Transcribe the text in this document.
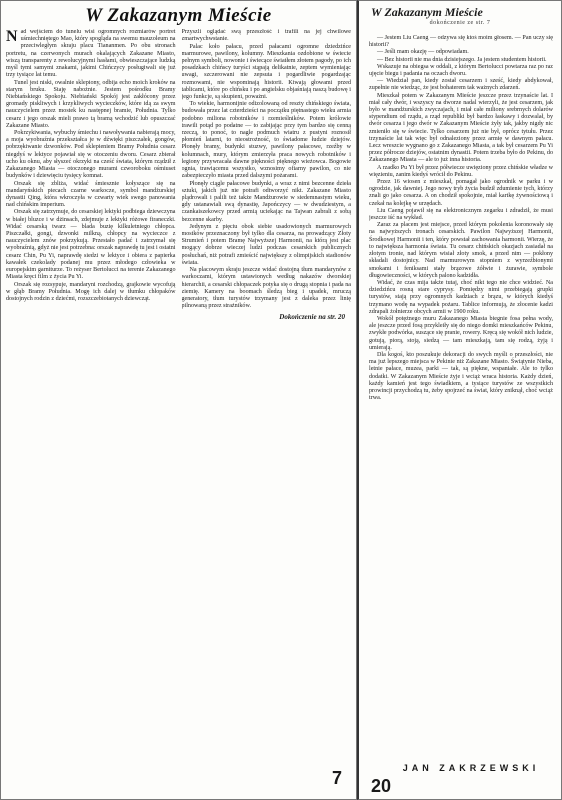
W Zakazanym Mieście

Nad wejściem do tunelu wisi ogromnych rozmiarów portret uśmiechniętego Mao, który spogląda na swemu mauzoleum na przeciwległym skraju placu Tiananmen. Po obu stronach portretu, na czerwonych murach okalających Zakazane Miasto, wiszą transparenty z rewolucyjnymi hasłami, obwieszczające ludzką myśl tymi samymi znakami, jakimi Chińczycy posługiwali się już trzy tysiące lat temu.

Tunel jest niski, owalnie sklepiony, odbija echo moich kroków na starym bruku. Staję nabożnie. Jestem pośrodku Bramy Niebiańskiego Spokoju. Niebiański Spokój jest zakłócony przez gromady piskliwych i krzykliwych wycieczków, które idą za swym nauczycielem przez mostek ku następnej bramie, Południa. Tylko cesarz i jego orszak mieli prawo tą bramą wchodzić lub opuszczać Zakazane Miasto.

Pokrzykiwania, wybuchy śmiechu i nawoływania nabierają mocy, a moja wyobraźnia przekształca je w dźwięki piszczałek, gongów, pobrzękiwanie dzwonków. Pod sklepieniem Bramy Południa cesarz niegdyś w lektyce pojawiał się w otoczeniu dworu. Cesarz zbierał ucho ku oknu, aby słyszeć okrzyki na cześć świata, którym rządził z Zakazanego Miasta — otoczonego murami czworoboku ośmiuset budynków i dziewięciu tysięcy komnat.

Orszak się zbliża, widać śmiesznie kołyszące się na mandaryńskich piecach czarne warkocze, symbol mandżurskiej dynastii Qing, która wkroczyła w czwarty wiek swego panowania nad chińskim imperium.

Orszak się zatrzymuje, do cesarskiej lektyki podbiega dziewczyna w białej bluzce i w dżinsach, zdejmuje z lektyki różowe firaneczki. Widać cesarską twarz — blada buzię kilkuletniego chłopca. Piszczałki, gongi, dzwonki milkną, chłopcy na wycieczce z nauczycielem znów pokrzykują. Przestało padać i zatrzymał się wyobraźnią, gdyż nie jest potrzebna: orszak naprawdę tu jest i ostatni cesarz Chin, Pu Yi, naprawdę siedzi w lektyce i obiera z papierka kawałek czekolady podanej mu przez młodego człowieka w europejskim garniturze. To reżyser Bertolucci na terenie Zakazanego Miasta kręci film z życia Pu Yi.

Orszak się rozsypuje, mandaryni rozchodzą, grajkowie wycofują w głąb Bramy Południa. Mogę ich dalej w tłumku chłopaków dostojnych rodzin z dziećmi, rozszczebiotanych dziewcząt.

Przyszli oglądać swą przeszłość i trafili na jej chwilowe zmartwychwstanie.

Palac koło pałacu, przed pałacami ogromne dziedzińce marmurowe, pawilony, kolumny. Mieszkania ozdobione w świecie pełnym symboli, nowonie i świecące światłem złotem pagody, po ich posadzkach chińscy turyści stąpają delikatnie, zeptem wymieniając uwagi, szczerowani nie zepsuta i pogardliwie pogardzając rozmowami, nie wspominają historii. Kiwają głowami przed tablicami, które po chińsku i po angielsku objaśniają naszą budowę i jego funkcje, są skupieni, poważni.

To wiekie, harmonijnie odizolowaną od reszty chińskiego świata, budowała przez lat czterdzieści na początku piętnastego wieku armia podobno miliona robotników i rzemieślników. Potem królowie trawili potąd po podatne — to zabijając przy tym bardzo się cenną rzeczą, to ponoć, to nagle podmuch wiatru z pustyni roznosił płomień latarni, to nieostrożność, to świadome łudzie dziejów. Płonęły bramy, budynki stuzwy, pawilony pałacowe, rzeźby w kolumnach, mury, którym zmierzyła praca nowych robotników i legiony przywracała dawne piękności pięknego wieżowca. Bogowie ognia, trawiącemu wszystko, wznosimy ofiarny pawilon, co nie zabezpieczyło miasta przed dalszymi pożarami.

Płonęły ciągle pałacowe budynki, a wraz z nimi bezcenne dzieła sztuki, jakich już nie potrafi odtworzyć nikt. Zakazane Miasto plądrowali i palili też także Mandżurowie w siedemnastym wieku, gdy ustanawiali swą dynastię, Japończycy — w dwudziestym, a czankaiszekowcy przed armią uciekając na Tajwan zabrali z sobą bezcenne skarby.

Jedynym z pięciu obok siebie usadowionych marmurowych mostków przeznaczony był tylko dla cesarza, na prowadzący Złoty Strumień i potem Bramę Najwyższej Harmonii, na którą jest plac mogący dobrze wieczej ludzi podczas cesarskich publicznych posłuchań, niż potrafi zmieścić największy z olimpijskich stadionów świata.

Na placowym skraju jeszcze widać dostojną tłum mandarynów z warkoczami, którym ustawionych według nakazów dworskiej hierarchii, a cesarski chłopaczek potyka się o drugą stopnia i pada na ziemię. Kamery na boomach śledzą bieg i upadek, mruczą generatory, tłum turystów trzymany jest z daleka przez linię pilnowaną przez strażników.

Dokończenie na str. 20
7
W Zakazanym Mieście
dokończenie ze str. 7

— Jestem Liu Caeng — odzywa się ktoś moim głosem. — Pan uczy się historii?

— Jeśli mam okazję — odpowiadam.

— Bez historii nie ma dnia dzisiejszego. Ja jestem studentem historii.

Wskazuje na obiegsa w oddali, z którym Bertolucci powtarza raz po raz ujęcie biegu i padania na oczach dworu.

— Wiedział pan, kiedy został cesarzem i sześć, kiedy abdykował, zupełnie nie wiedząc, że jest bohaterem tak ważnych zdarzeń.

Mieszkał potem w Zakazanym Mieście jeszcze przez trzynaście lat. I miał cały dwór, i wszyscy na dworze nadal wierzyli, że jest cesarzem, jak było w mandżurskich zwyczajach, i miał całe miliony srebrnych dolarów stypendium od rządu, a rząd republiki był bardzo łaskawy i dozwalał, by dwór cesarza i jego dwór w Zakazanym Mieście żyły tak, jakby nigdy nic zmieniło się w świecie. Tylko cesarzem już nie był, oprócz tytułu. Przez trzynaście lat tak więc był odnaleziony przez armię w dawnym pałacu. Lecz wreszcie wygnano go z Zakazanego Miasta, a tak był cesarzem Pu Yi przez półrocze dziejów, ostatnim dynastii. Potem trzeba było do Pekinu, do Zakazanego Miasta — ale to już inna historia.

A rzadko Pu Yi był przez półwiecze uwięziony przez chińskie władze w więzieniu, zanim kiedyś wrócił do Pekinu.

Przez 16 wiosen z mieszkał, pomagał jako ogrodnik w parku i w ogrodzie, jak dawniej. Jego nowy tryb życia budził zdumienie tych, którzy znali go jako cesarza. A on chodził spokojnie, miał kartkę żywnościową i czekał na kolejkę w urzędach.

Liu Caeng pojawił się na elektronicznym zegarku i zdradził, że musi jeszcze iść na wykład.

Zaraz za placem jest miejsce, przed którym pokolenia koronowały się na najwyższych tronach cesarskich. Pawilon Najwyższej Harmonii, Środkowej Harmonii i ten, który powstał zachowania harmonii. Wierzę, że to największa harmonia świata. Tu cesarz chińskich okazjach zasiadał na złotym tronie, nad którym wisiał złoty smok, a przed nim — pokłony składali dostojnicy. Nad marmurowym stopniem z wyrzeźbionymi smokami i feniksami stały brązowe żółwie i żurawie, symbole długowieczności, w których palono kadzidła.

Widać, że czas mija także tutaj, choć nikt tego nie chce widzieć. Na dziedzińcu rosną stare cyprysy. Pomiędzy nimi przebiegają grupki turystów, stają przy ogromnych kadziach z brązu, w których kiedyś trzymano wodę na wypadek pożaru. Tablice informują, że złocenie kadzi zdrapali żołnierze obcych armii w 1900 roku.

Wokół potężnego muru Zakazanego Miasta biegnie fosa pełna wody, ale jeszcze przed fosą przykleiły się do niego domki mieszkańców Pekinu, zwykłe podwórka, suszące się pranie, rowery. Kręcą się wokół nich ludzie, gotują, piorą, stoją, siedzą — tam mieszkają, tam się rodzą, żyją i umierają.

Dla kogoś, kto poszukuje dekoracji do swych myśli o przeszłości, nie ma już lepszego miejsca w Pekinie niż Zakazane Miasto. Świątynie Nieba, letnie pałace, muzea, parki — tak, są piękne, wspaniałe. Ale to tylko dodatki. W Zakazanym Mieście żyje i wciąż wraca historia. Każdy dzień, każdy kamień jest tego świadkiem, a tysiące turystów ze wszystkich prowincji przychodzą tu, żeby spojrzeć na świat, który zniknął, choć wciąż trwa.

JAN ZAKRZEWSKI
20
